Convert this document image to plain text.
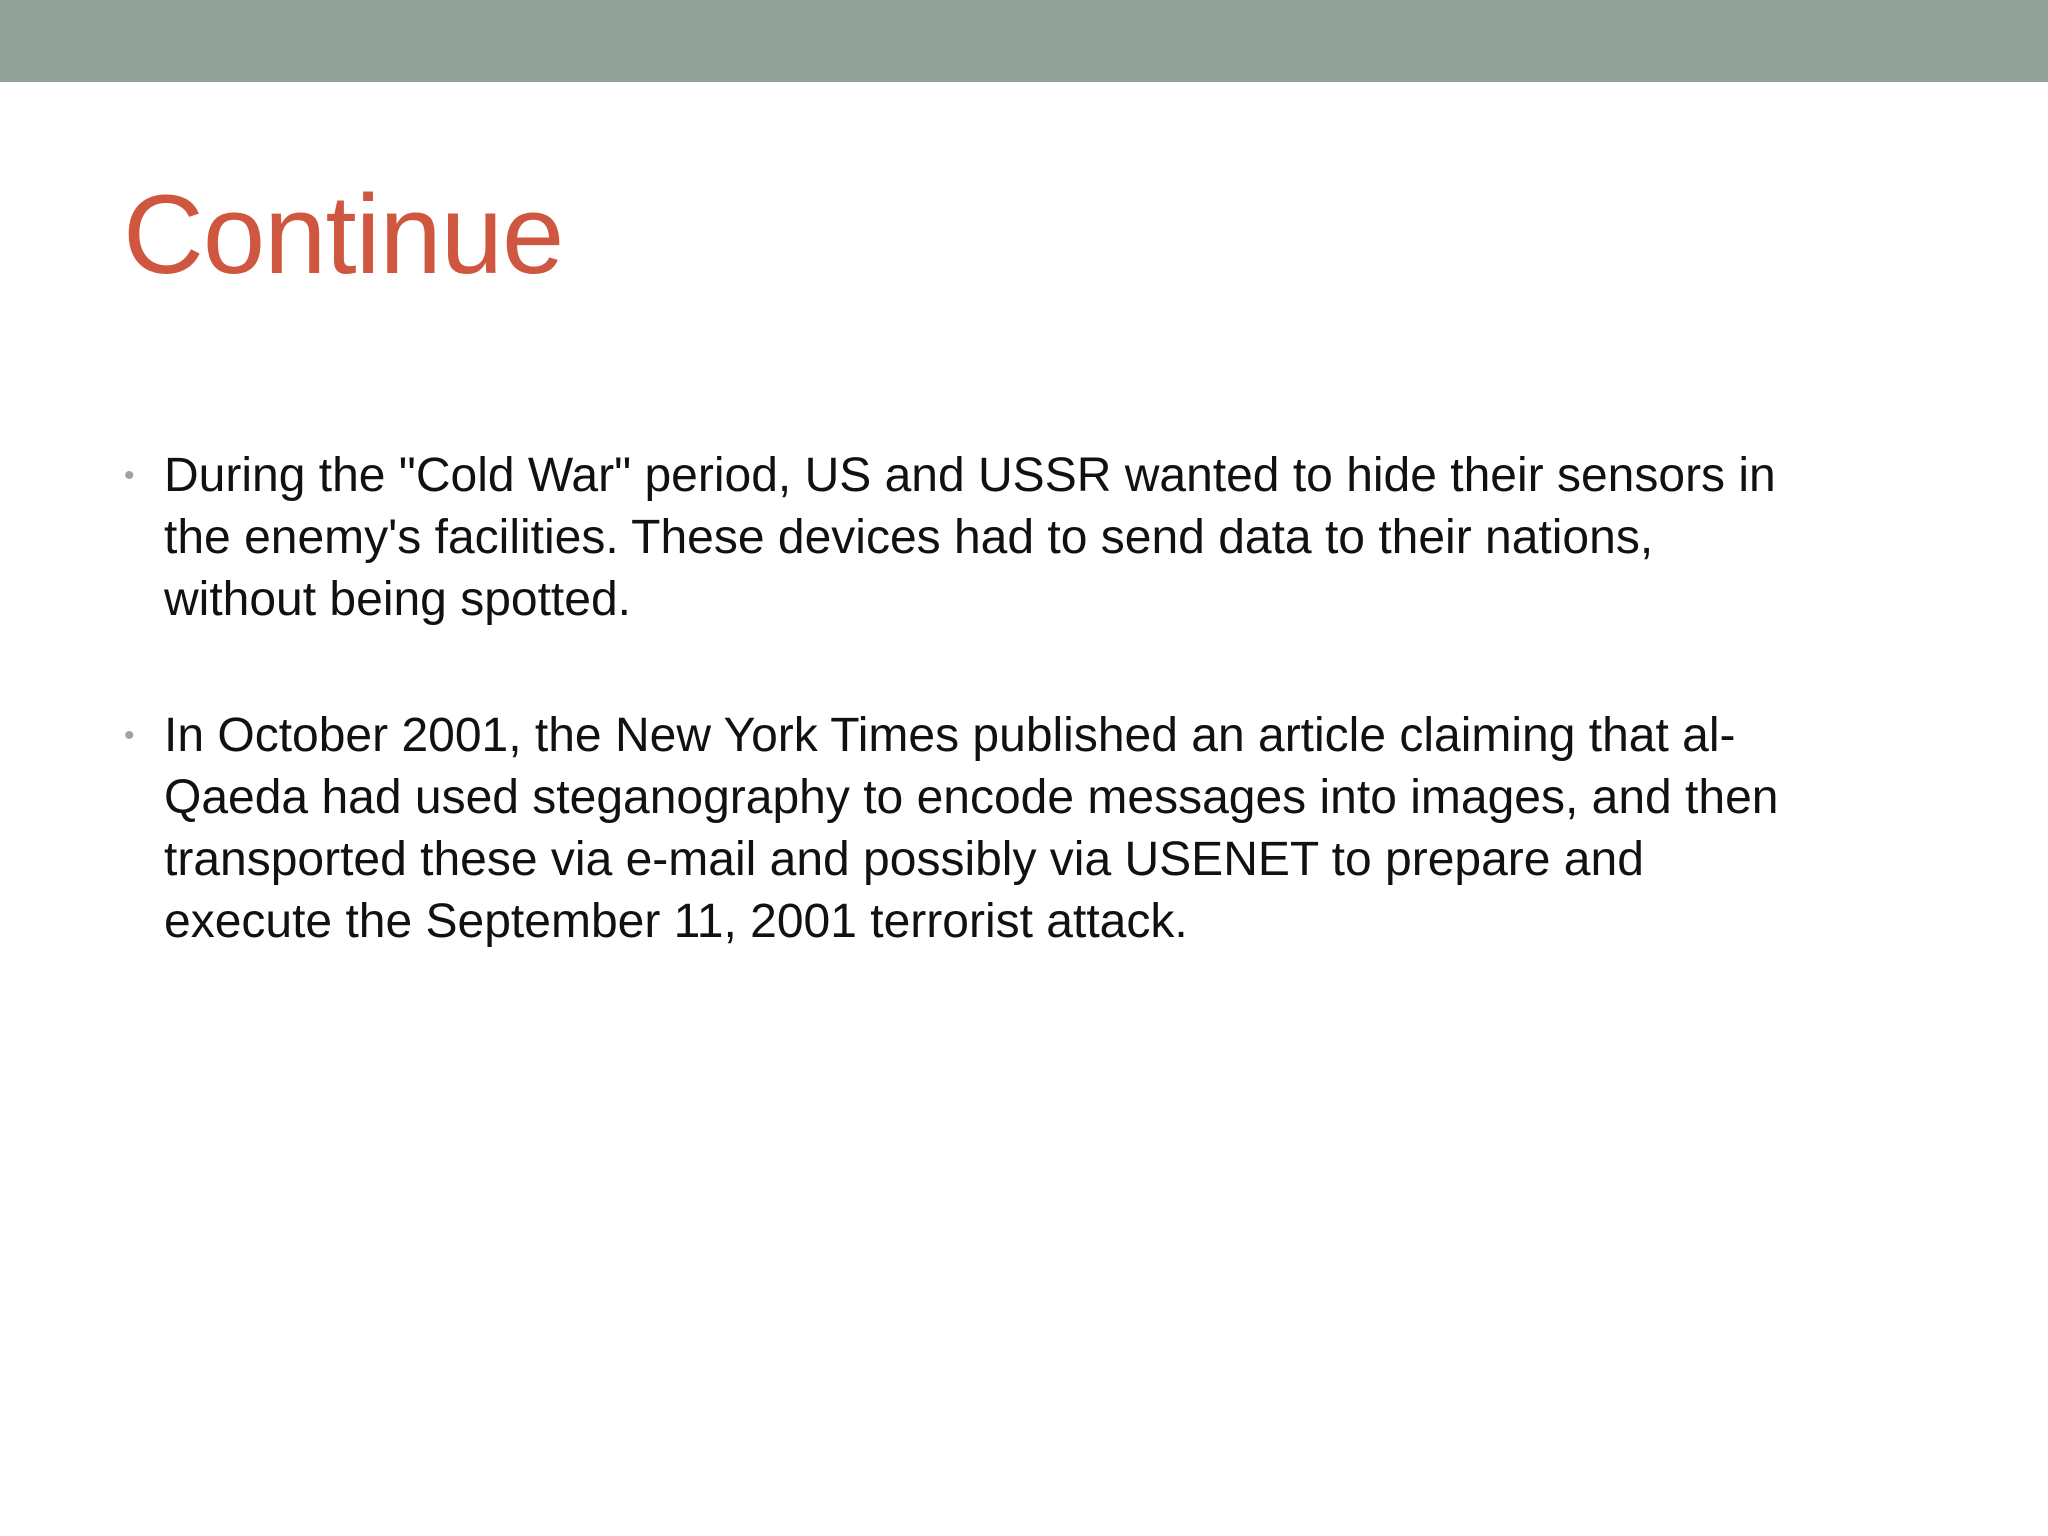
Continue
• During the "Cold War" period, US and USSR wanted to hide their sensors in
the enemy's facilities. These devices had to send data to their nations,
without being spotted.
• In October 2001, the New York Times published an article claiming that al-
Qaeda had used steganography to encode messages into images, and then
transported these via e-mail and possibly via USENET to prepare and
execute the September 11, 2001 terrorist attack.
